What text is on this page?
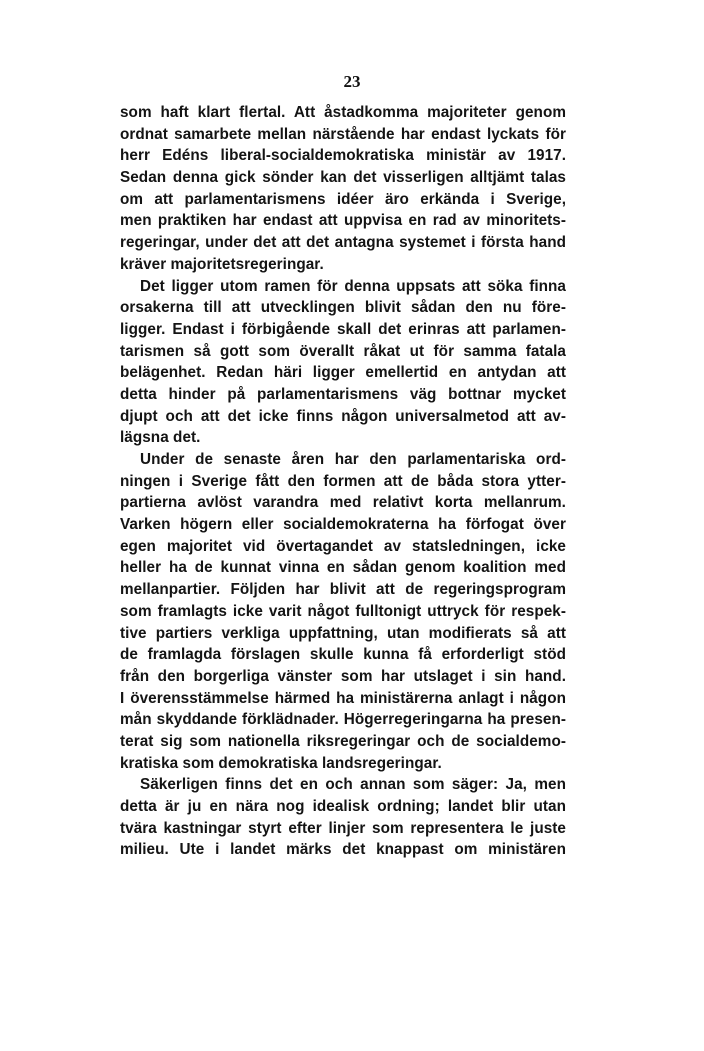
23
som haft klart flertal. Att åstadkomma majoriteter genom
ordnat samarbete mellan närstående har endast lyckats för
herr Edéns liberal-socialdemokratiska ministär av 1917.
Sedan denna gick sönder kan det visserligen alltjämt talas
om att parlamentarismens idéer äro erkända i Sverige,
men praktiken har endast att uppvisa en rad av minoritets-
regeringar, under det att det antagna systemet i första hand
kräver majoritetsregeringar.
Det ligger utom ramen för denna uppsats att söka finna
orsakerna till att utvecklingen blivit sådan den nu före-
ligger. Endast i förbigående skall det erinras att parlamen-
tarismen så gott som överallt råkat ut för samma fatala
belägenhet. Redan häri ligger emellertid en antydan att
detta hinder på parlamentarismens väg bottnar mycket
djupt och att det icke finns någon universalmetod att av-
lägsna det.
Under de senaste åren har den parlamentariska ord-
ningen i Sverige fått den formen att de båda stora ytter-
partierna avlöst varandra med relativt korta mellanrum.
Varken högern eller socialdemokraterna ha förfogat över
egen majoritet vid övertagandet av statsledningen, icke
heller ha de kunnat vinna en sådan genom koalition med
mellanpartier. Följden har blivit att de regeringsprogram
som framlagts icke varit något fulltonigt uttryck för respek-
tive partiers verkliga uppfattning, utan modifierats så att
de framlagda förslagen skulle kunna få erforderligt stöd
från den borgerliga vänster som har utslaget i sin hand.
I överensstämmelse härmed ha ministärerna anlagt i någon
mån skyddande förklädnader. Högerregeringarna ha presen-
terat sig som nationella riksregeringar och de socialdemo-
kratiska som demokratiska landsregeringar.
Säkerligen finns det en och annan som säger: Ja, men
detta är ju en nära nog idealisk ordning; landet blir utan
tvära kastningar styrt efter linjer som representera le juste
milieu. Ute i landet märks det knappast om ministären
